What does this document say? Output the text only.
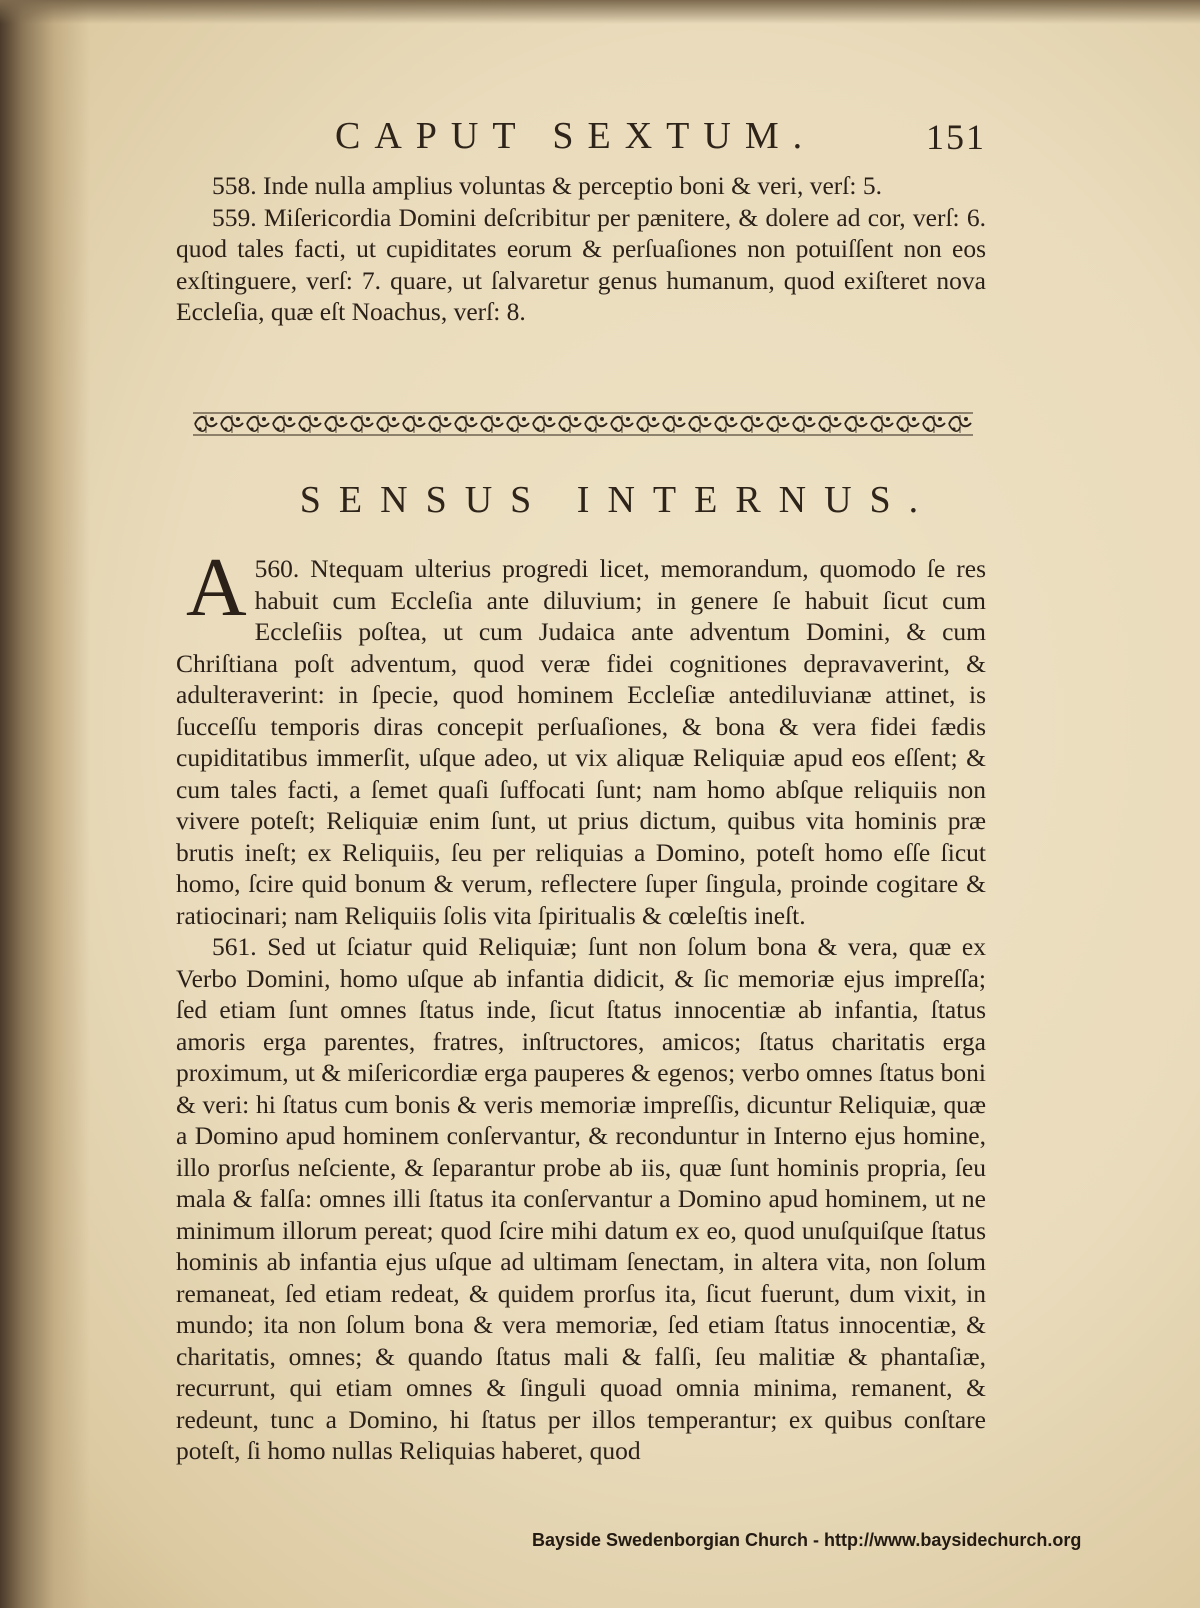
CAPUT SEXTUM.	151

558. Inde nulla amplius voluntas & perceptio boni & veri, verſ: 5.

559. Miſericordia Domini deſcribitur per pænitere, & dolere ad cor, verſ: 6. quod tales facti, ut cupiditates eorum & perſuaſiones non potuiſſent non eos exſtinguere, verſ: 7. quare, ut ſalvaretur genus humanum, quod exiſteret nova Eccleſia, quæ eſt Noachus, verſ: 8.

SENSUS INTERNUS.

560.
A Ntequam ulterius progredi licet, memorandum, quomodo ſe res habuit cum Eccleſia ante diluvium; in genere ſe habuit ſicut cum Eccleſiis poſtea, ut cum Judaica ante adventum Domini, & cum Chriſtiana poſt adventum, quod veræ fidei cognitiones depravaverint, & adulteraverint: in ſpecie, quod hominem Eccleſiæ antediluvianæ attinet, is ſucceſſu temporis diras concepit perſuaſiones, & bona & vera fidei fædis cupiditatibus immerſit, uſque adeo, ut vix aliquæ Reliquiæ apud eos eſſent; & cum tales facti, a ſemet quaſi ſuffocati ſunt; nam homo abſque reliquiis non vivere poteſt; Reliquiæ enim ſunt, ut prius dictum, quibus vita hominis præ brutis ineſt; ex Reliquiis, ſeu per reliquias a Domino, poteſt homo eſſe ſicut homo, ſcire quid bonum & verum, reflectere ſuper ſingula, proinde cogitare & ratiocinari; nam Reliquiis ſolis vita ſpiritualis & cœleſtis ineſt.

561. Sed ut ſciatur quid Reliquiæ; ſunt non ſolum bona & vera, quæ ex Verbo Domini, homo uſque ab infantia didicit, & ſic memoriæ ejus impreſſa; ſed etiam ſunt omnes ſtatus inde, ſicut ſtatus innocentiæ ab infantia, ſtatus amoris erga parentes, fratres, inſtructores, amicos; ſtatus charitatis erga proximum, ut & miſericordiæ erga pauperes & egenos; verbo omnes ſtatus boni & veri: hi ſtatus cum bonis & veris memoriæ impreſſis, dicuntur Reliquiæ, quæ a Domino apud hominem conſervantur, & reconduntur in Interno ejus homine, illo prorſus neſciente, & ſeparantur probe ab iis, quæ ſunt hominis propria, ſeu mala & falſa: omnes illi ſtatus ita conſervantur a Domino apud hominem, ut ne minimum illorum pereat; quod ſcire mihi datum ex eo, quod unuſquiſque ſtatus hominis ab infantia ejus uſque ad ultimam ſenectam, in altera vita, non ſolum remaneat, ſed etiam redeat, & quidem prorſus ita, ſicut fuerunt, dum vixit, in mundo; ita non ſolum bona & vera memoriæ, ſed etiam ſtatus innocentiæ, & charitatis, omnes; & quando ſtatus mali & falſi, ſeu malitiæ & phantaſiæ, recurrunt, qui etiam omnes & ſinguli quoad omnia minima, remanent, & redeunt, tunc a Domino, hi ſtatus per illos temperantur; ex quibus conſtare poteſt, ſi homo nullas Reliquias haberet, quod

Bayside Swedenborgian Church - http://www.baysidechurch.org
